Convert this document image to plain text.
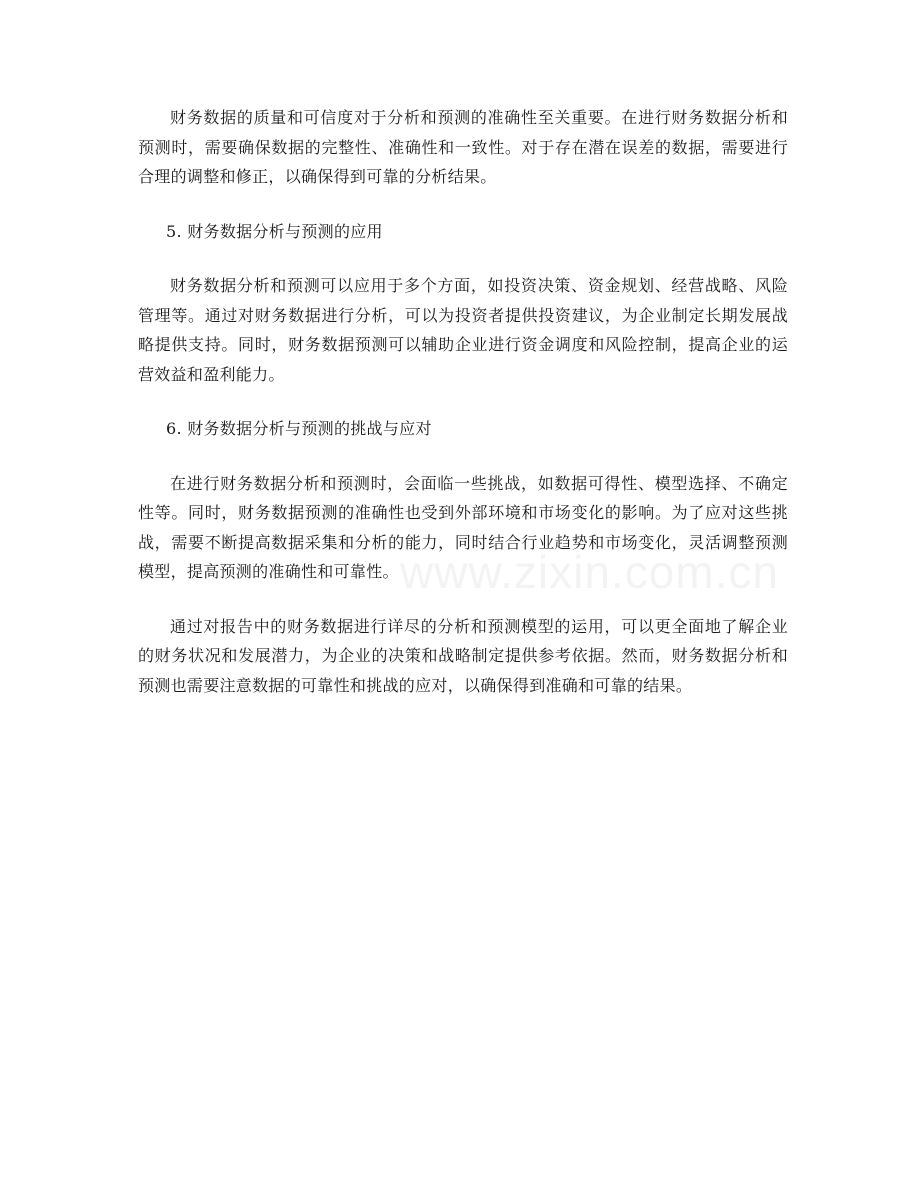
财务数据的质量和可信度对于分析和预测的准确性至关重要。在进行财务数据分析和预测时，需要确保数据的完整性、准确性和一致性。对于存在潜在误差的数据，需要进行合理的调整和修正，以确保得到可靠的分析结果。

5. 财务数据分析与预测的应用

财务数据分析和预测可以应用于多个方面，如投资决策、资金规划、经营战略、风险管理等。通过对财务数据进行分析，可以为投资者提供投资建议，为企业制定长期发展战略提供支持。同时，财务数据预测可以辅助企业进行资金调度和风险控制，提高企业的运营效益和盈利能力。

6. 财务数据分析与预测的挑战与应对

在进行财务数据分析和预测时，会面临一些挑战，如数据可得性、模型选择、不确定性等。同时，财务数据预测的准确性也受到外部环境和市场变化的影响。为了应对这些挑战，需要不断提高数据采集和分析的能力，同时结合行业趋势和市场变化，灵活调整预测模型，提高预测的准确性和可靠性。

通过对报告中的财务数据进行详尽的分析和预测模型的运用，可以更全面地了解企业的财务状况和发展潜力，为企业的决策和战略制定提供参考依据。然而，财务数据分析和预测也需要注意数据的可靠性和挑战的应对，以确保得到准确和可靠的结果。

www.zixin.com.cn
